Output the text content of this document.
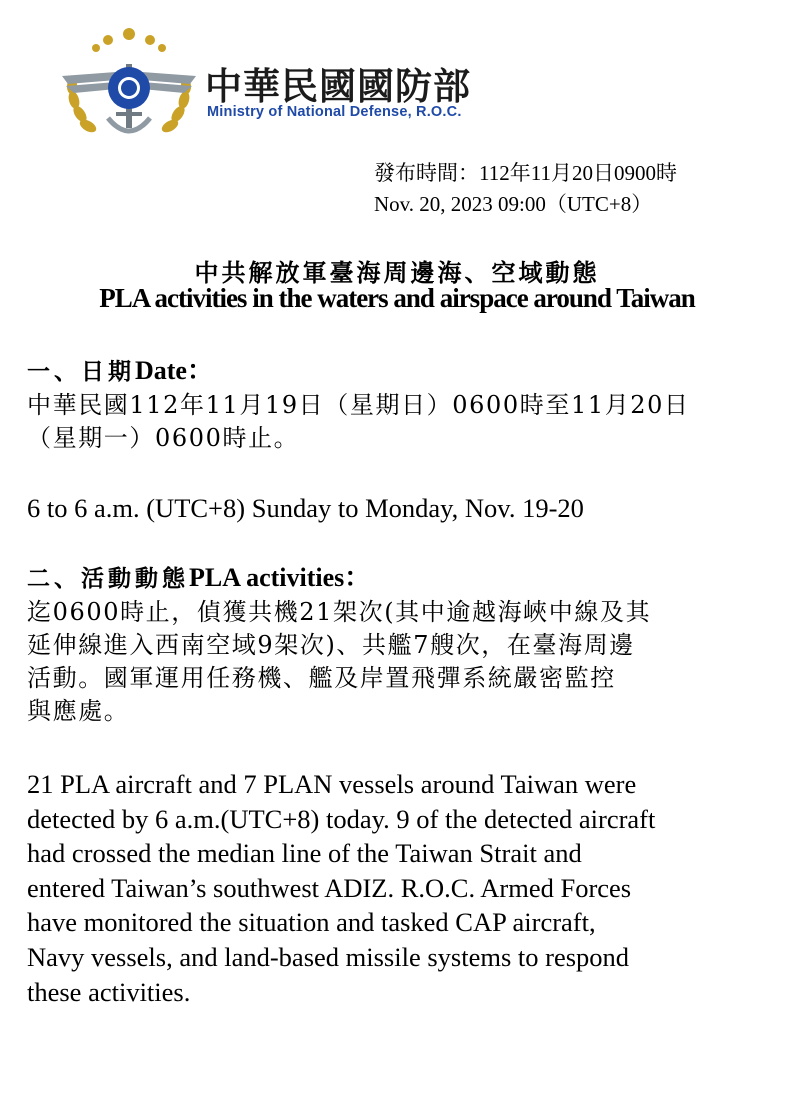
中華民國國防部
Ministry of National Defense, R.O.C.
發布時間：112年11月20日0900時
Nov. 20, 2023 09:00（UTC+8）
中共解放軍臺海周邊海、空域動態
PLA activities in the waters and airspace around Taiwan
一、日期Date：
中華民國112年11月19日（星期日）0600時至11月20日
（星期一）0600時止。
6 to 6 a.m. (UTC+8) Sunday to Monday, Nov. 19-20
二、活動動態PLA activities：
迄0600時止，偵獲共機21架次(其中逾越海峽中線及其
延伸線進入西南空域9架次)、共艦7艘次，在臺海周邊
活動。國軍運用任務機、艦及岸置飛彈系統嚴密監控
與應處。
21 PLA aircraft and 7 PLAN vessels around Taiwan were
detected by 6 a.m.(UTC+8) today. 9 of the detected aircraft
had crossed the median line of the Taiwan Strait and
entered Taiwan’s southwest ADIZ. R.O.C. Armed Forces
have monitored the situation and tasked CAP aircraft,
Navy vessels, and land-based missile systems to respond
these activities.
